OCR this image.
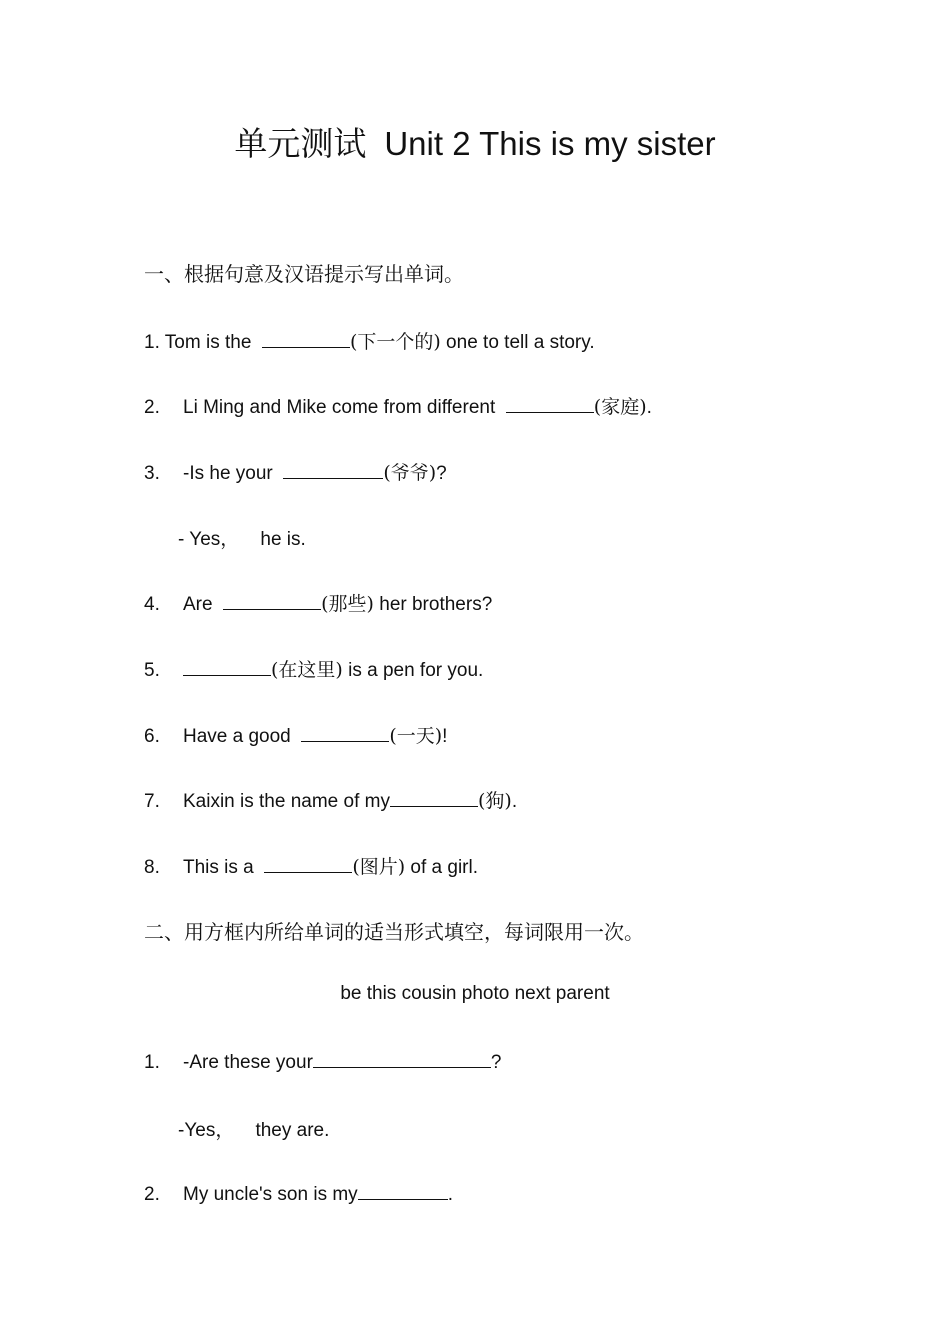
单元测试 Unit 2 This is my sister
一、根据句意及汉语提示写出单词。
1. Tom is the	(下一个的) one to tell a story.
2. Li Ming and Mike come from different	(家庭).
3. -Is he your	(爷爷)?
- Yes，    he is.
4. Are	(那些) her brothers?
5.	(在这里) is a pen for you.
6. Have a good	(一天)!
7. Kaixin is the name of my	(狗).
8. This is a	(图片) of a girl.
二、用方框内所给单词的适当形式填空，每词限用一次。
be this cousin photo next parent
1. -Are these your	?
-Yes，    they are.
2. My uncle's son is my	.
